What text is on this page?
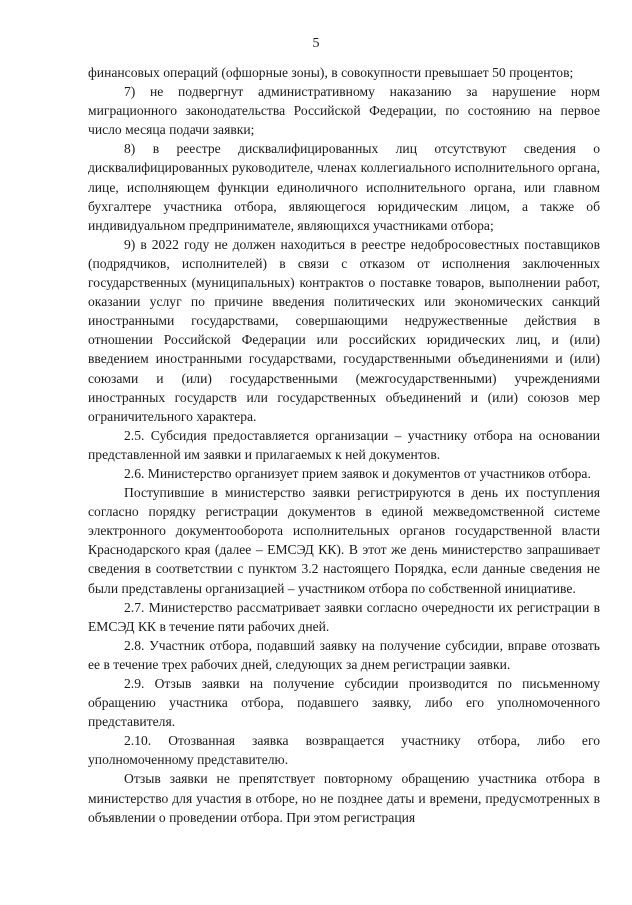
5

финансовых операций (офшорные зоны), в совокупности превышает 50 процентов;

7) не подвергнут административному наказанию за нарушение норм миграционного законодательства Российской Федерации, по состоянию на первое число месяца подачи заявки;

8) в реестре дисквалифицированных лиц отсутствуют сведения о дисквалифицированных руководителе, членах коллегиального исполнительного органа, лице, исполняющем функции единоличного исполнительного органа, или главном бухгалтере участника отбора, являющегося юридическим лицом, а также об индивидуальном предпринимателе, являющихся участниками отбора;

9) в 2022 году не должен находиться в реестре недобросовестных поставщиков (подрядчиков, исполнителей) в связи с отказом от исполнения заключенных государственных (муниципальных) контрактов о поставке товаров, выполнении работ, оказании услуг по причине введения политических или экономических санкций иностранными государствами, совершающими недружественные действия в отношении Российской Федерации или российских юридических лиц, и (или) введением иностранными государствами, государственными объединениями и (или) союзами и (или) государственными (межгосударственными) учреждениями иностранных государств или государственных объединений и (или) союзов мер ограничительного характера.

2.5. Субсидия предоставляется организации – участнику отбора на основании представленной им заявки и прилагаемых к ней документов.

2.6. Министерство организует прием заявок и документов от участников отбора.

Поступившие в министерство заявки регистрируются в день их поступления согласно порядку регистрации документов в единой межведомственной системе электронного документооборота исполнительных органов государственной власти Краснодарского края (далее – ЕМСЭД КК). В этот же день министерство запрашивает сведения в соответствии с пунктом 3.2 настоящего Порядка, если данные сведения не были представлены организацией – участником отбора по собственной инициативе.

2.7. Министерство рассматривает заявки согласно очередности их регистрации в ЕМСЭД КК в течение пяти рабочих дней.

2.8. Участник отбора, подавший заявку на получение субсидии, вправе отозвать ее в течение трех рабочих дней, следующих за днем регистрации заявки.

2.9. Отзыв заявки на получение субсидии производится по письменному обращению участника отбора, подавшего заявку, либо его уполномоченного представителя.

2.10. Отозванная заявка возвращается участнику отбора, либо его уполномоченному представителю.

Отзыв заявки не препятствует повторному обращению участника отбора в министерство для участия в отборе, но не позднее даты и времени, предусмотренных в объявлении о проведении отбора. При этом регистрация
